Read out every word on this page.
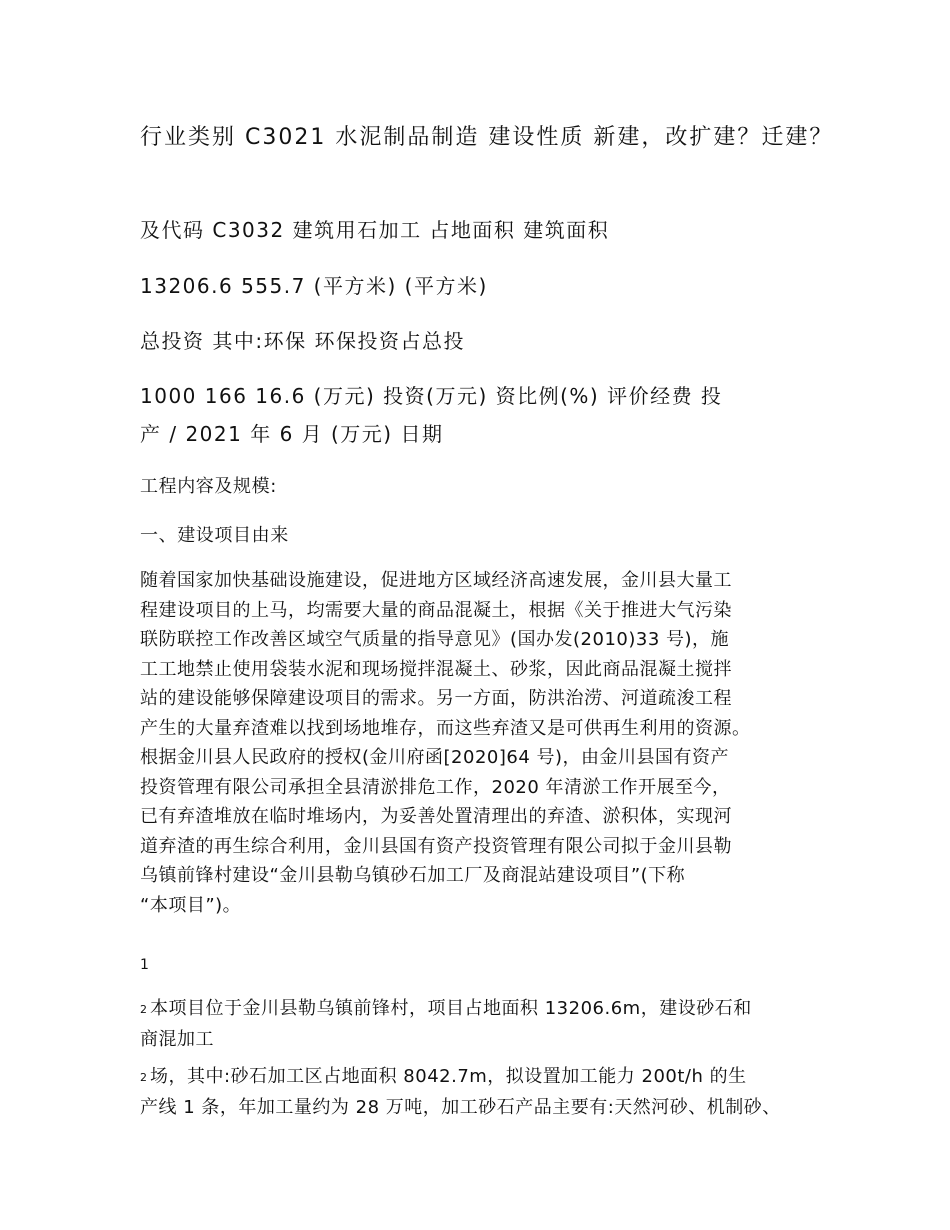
行业类别 C3021 水泥制品制造 建设性质 新建，改扩建？迁建？

及代码 C3032 建筑用石加工 占地面积 建筑面积

13206.6 555.7 (平方米) (平方米)

总投资 其中:环保 环保投资占总投

1000 166 16.6 (万元) 投资(万元) 资比例(%) 评价经费 投

产 / 2021 年 6 月 (万元) 日期

工程内容及规模:

一、建设项目由来

随着国家加快基础设施建设，促进地方区域经济高速发展，金川县大量工
程建设项目的上马，均需要大量的商品混凝土，根据《关于推进大气污染
联防联控工作改善区域空气质量的指导意见》(国办发(2010)33 号)，施
工工地禁止使用袋装水泥和现场搅拌混凝土、砂浆，因此商品混凝土搅拌
站的建设能够保障建设项目的需求。另一方面，防洪治涝、河道疏浚工程
产生的大量弃渣难以找到场地堆存，而这些弃渣又是可供再生利用的资源。
根据金川县人民政府的授权(金川府函[2020]64 号)，由金川县国有资产
投资管理有限公司承担全县清淤排危工作，2020 年清淤工作开展至今，
已有弃渣堆放在临时堆场内，为妥善处置清理出的弃渣、淤积体，实现河
道弃渣的再生综合利用，金川县国有资产投资管理有限公司拟于金川县勒
乌镇前锋村建设“金川县勒乌镇砂石加工厂及商混站建设项目”(下称
“本项目”)。
1
2 本项目位于金川县勒乌镇前锋村，项目占地面积 13206.6m，建设砂石和
商混加工
2 场，其中:砂石加工区占地面积 8042.7m，拟设置加工能力 200t/h 的生
产线 1 条，年加工量约为 28 万吨，加工砂石产品主要有:天然河砂、机制砂、
